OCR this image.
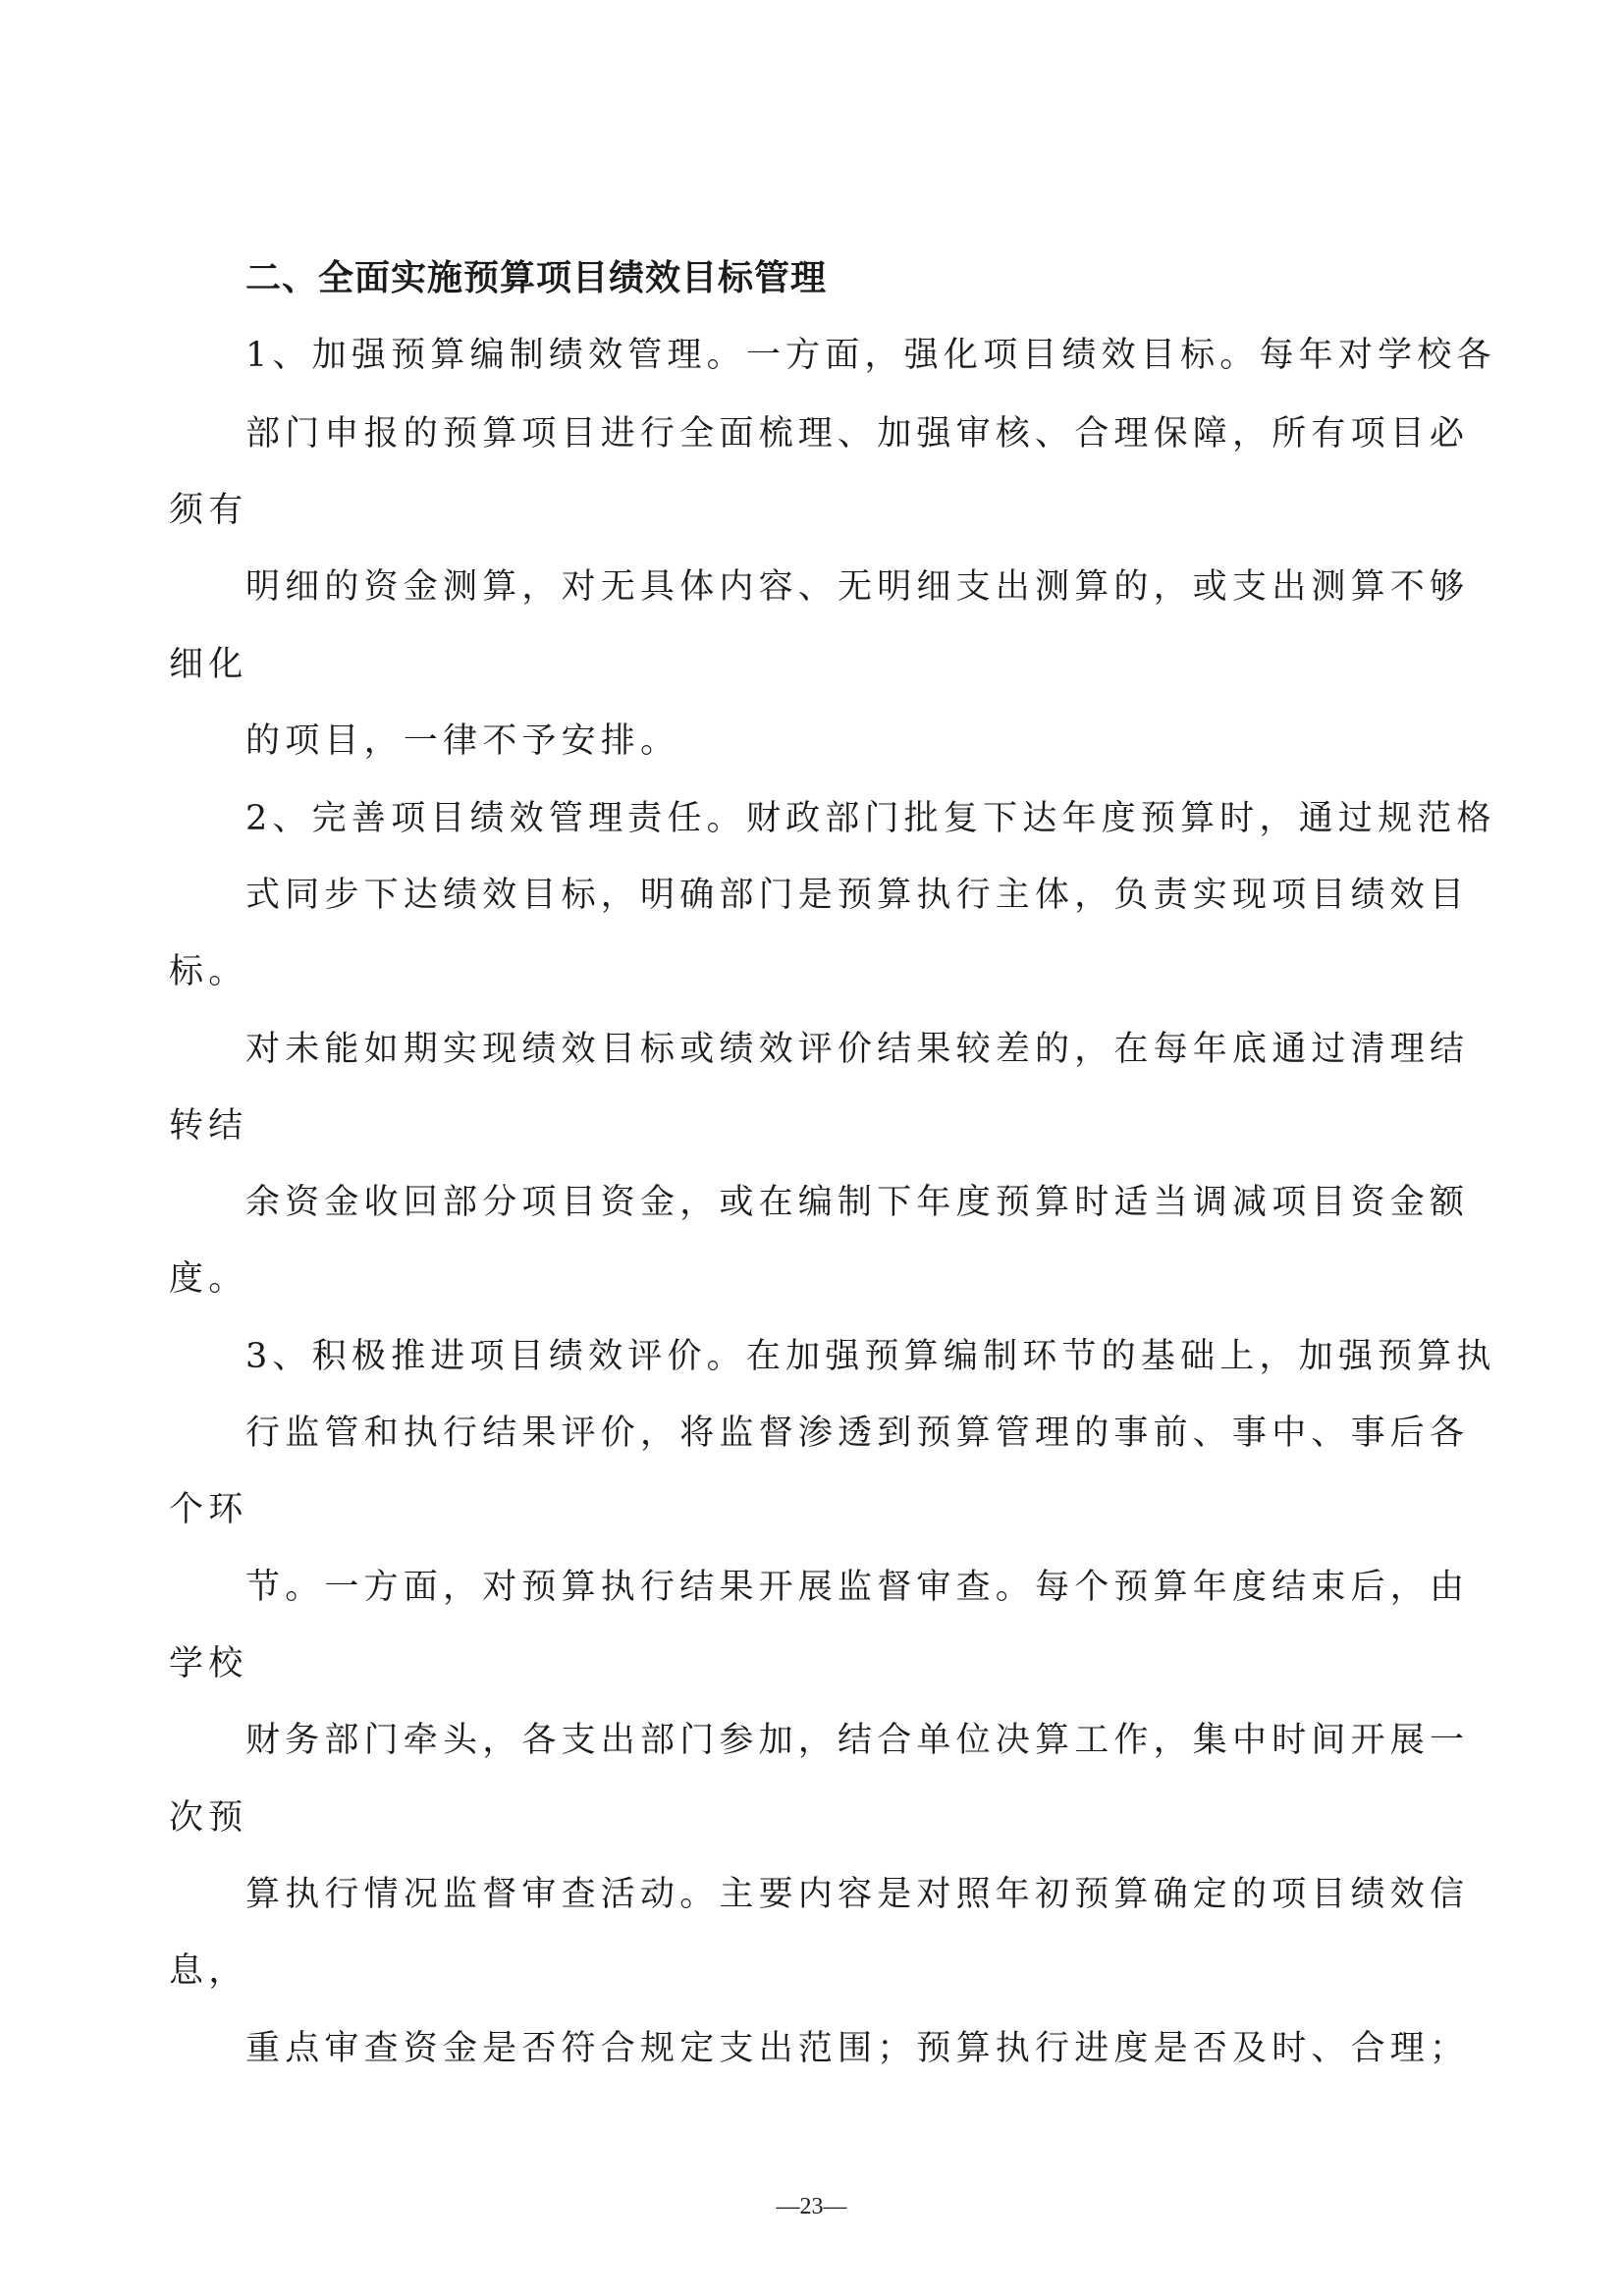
二、全面实施预算项目绩效目标管理
1、加强预算编制绩效管理。一方面，强化项目绩效目标。每年对学校各
部门申报的预算项目进行全面梳理、加强审核、合理保障，所有项目必
须有
明细的资金测算，对无具体内容、无明细支出测算的，或支出测算不够
细化
的项目，一律不予安排。
2、完善项目绩效管理责任。财政部门批复下达年度预算时，通过规范格
式同步下达绩效目标，明确部门是预算执行主体，负责实现项目绩效目
标。
对未能如期实现绩效目标或绩效评价结果较差的，在每年底通过清理结
转结
余资金收回部分项目资金，或在编制下年度预算时适当调减项目资金额
度。
3、积极推进项目绩效评价。在加强预算编制环节的基础上，加强预算执
行监管和执行结果评价，将监督渗透到预算管理的事前、事中、事后各
个环
节。一方面，对预算执行结果开展监督审查。每个预算年度结束后，由
学校
财务部门牵头，各支出部门参加，结合单位决算工作，集中时间开展一
次预
算执行情况监督审查活动。主要内容是对照年初预算确定的项目绩效信
息，
重点审查资金是否符合规定支出范围；预算执行进度是否及时、合理；
—23—
